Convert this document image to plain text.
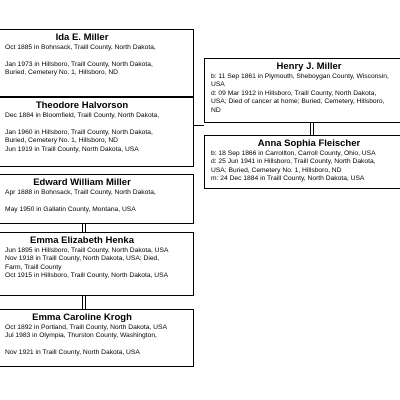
Ida E. Miller
Oct 1885 in Bohnsack, Traill County, North Dakota,
Jan 1973 in Hillsboro, Traill County, North Dakota,
Buried, Cemetery No. 1, Hillsboro, ND
Theodore Halvorson
Dec 1884 in Bloomfield, Traill County, North Dakota,
Jan 1960 in Hillsboro, Traill County, North Dakota,
Buried, Cemetery No. 1, Hillsboro, ND
Jun 1919 in Traill County, North Dakota, USA
Edward William Miller
Apr 1888 in Bohnsack, Traill County, North Dakota,
May 1950 in Gallatin County, Montana, USA
Emma Elizabeth Henka
Jun 1895 in Hillsboro, Traill County, North Dakota, USA
Nov 1918 in Traill County, North Dakota, USA; Died,
Farm, Traill County
Oct 1915 in Hillsboro, Traill County, North Dakota, USA
Emma Caroline Krogh
Oct 1892 in Portland, Traill County, North Dakota, USA
Jul 1983 in Olympia, Thurston County, Washington,
Nov 1921 in Traill County, North Dakota, USA
Henry J. Miller
b: 11 Sep 1861 in Plymouth, Sheboygan County, Wisconsin,
USA
d: 09 Mar 1912 in Hillsboro, Traill County, North Dakota,
USA; Died of cancer at home; Buried, Cemetery, Hillsboro,
ND
Anna Sophia Fleischer
b: 18 Sep 1866 in Carrollton, Carroll County, Ohio, USA
d: 25 Jun 1941 in Hillsboro, Traill County, North Dakota,
USA; Buried, Cemetery No. 1, Hillsboro, ND
m: 24 Dec 1884 in Traill County, North Dakota, USA
